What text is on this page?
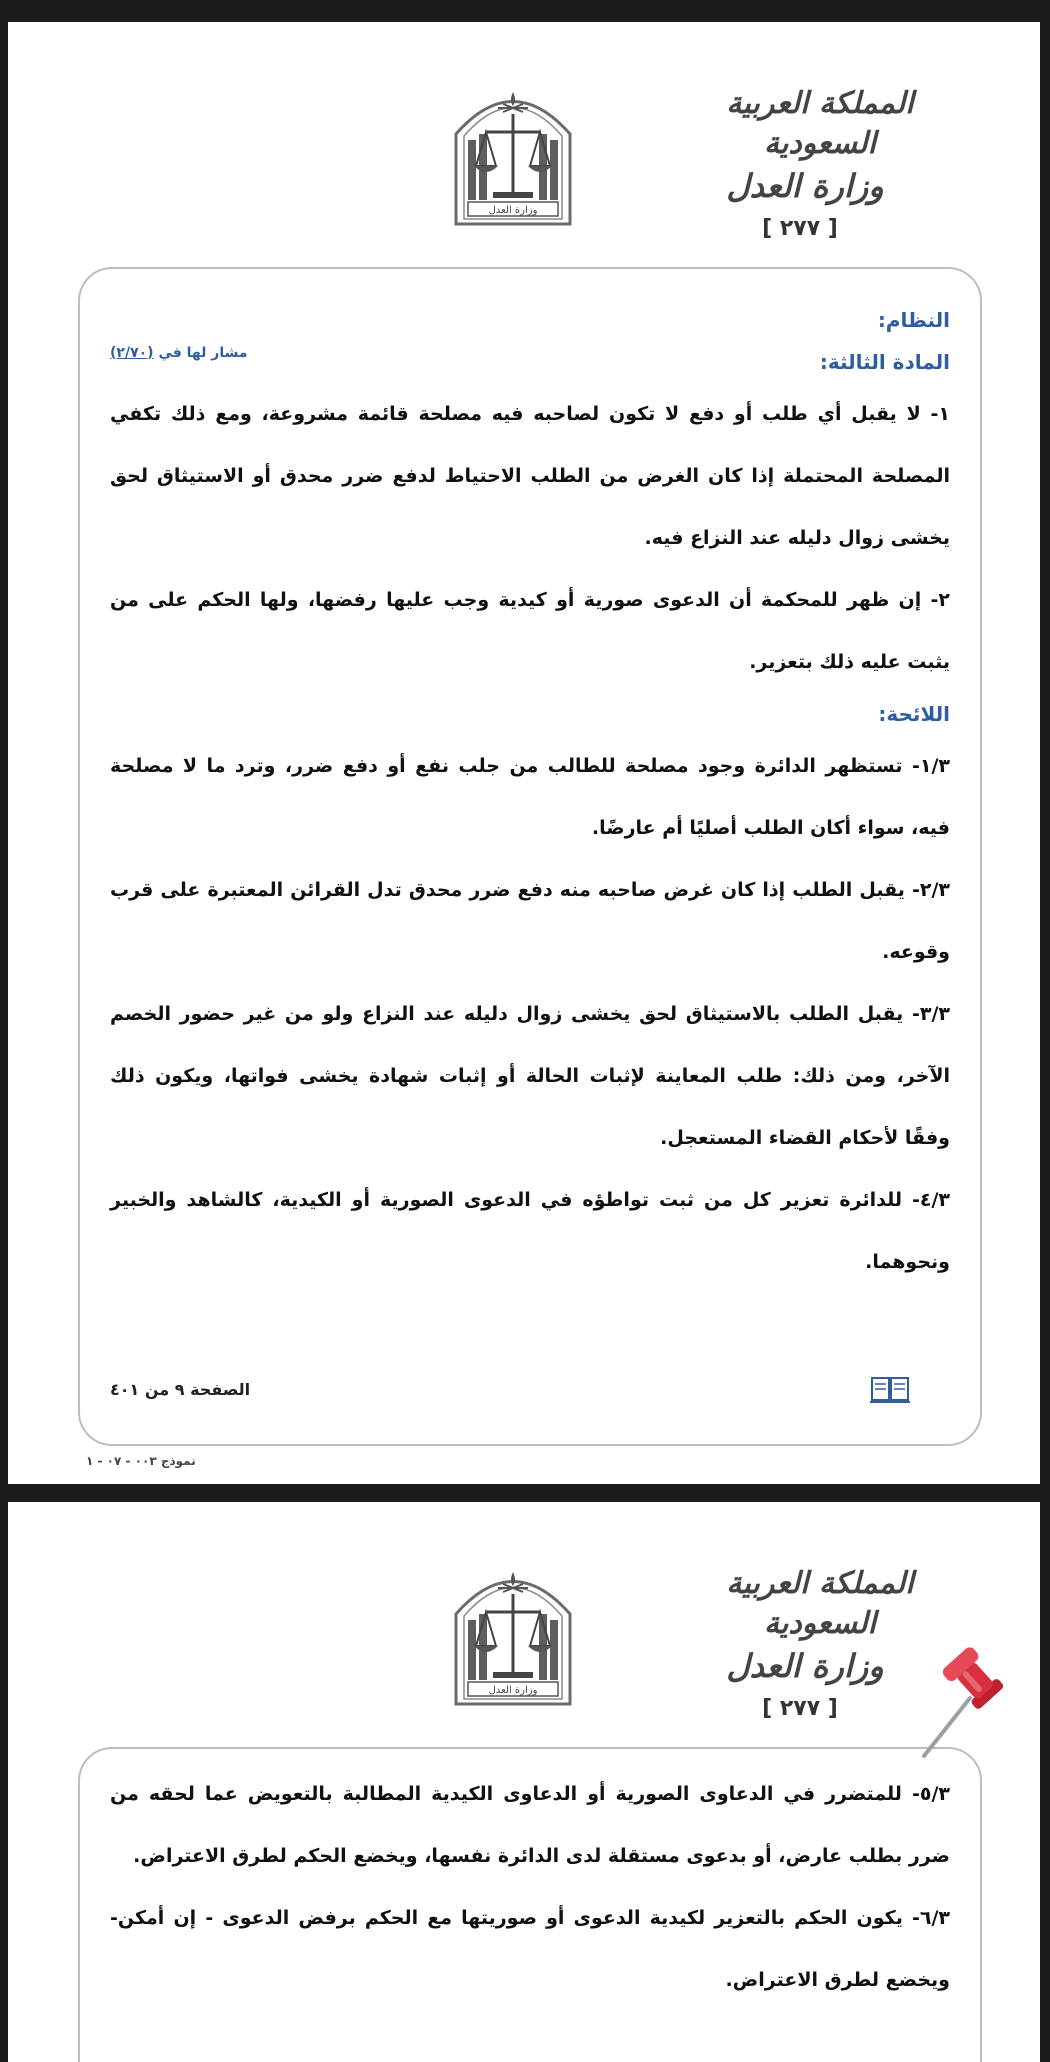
المملكة العربية السعودية
وزارة العدل
[ ٢٧٧ ]
وزارة العدل
النظام:
المادة الثالثة:
مشار لها في (٢/٧٠)

١- لا يقبل أي طلب أو دفع لا تكون لصاحبه فيه مصلحة قائمة مشروعة، ومع ذلك تكفي المصلحة المحتملة إذا كان الغرض من الطلب الاحتياط لدفع ضرر محدق أو الاستيثاق لحق يخشى زوال دليله عند النزاع فيه.

٢- إن ظهر للمحكمة أن الدعوى صورية أو كيدية وجب عليها رفضها، ولها الحكم على من يثبت عليه ذلك بتعزير.

اللائحة:

١/٣- تستظهر الدائرة وجود مصلحة للطالب من جلب نفع أو دفع ضرر، وترد ما لا مصلحة فيه، سواء أكان الطلب أصليًا أم عارضًا.

٢/٣- يقبل الطلب إذا كان غرض صاحبه منه دفع ضرر محدق تدل القرائن المعتبرة على قرب وقوعه.

٣/٣- يقبل الطلب بالاستيثاق لحق يخشى زوال دليله عند النزاع ولو من غير حضور الخصم الآخر، ومن ذلك: طلب المعاينة لإثبات الحالة أو إثبات شهادة يخشى فواتها، ويكون ذلك وفقًا لأحكام القضاء المستعجل.

٤/٣- للدائرة تعزير كل من ثبت تواطؤه في الدعوى الصورية أو الكيدية، كالشاهد والخبير ونحوهما.

الصفحة ٩ من ٤٠١
نموذج ٠٠٣ - ٠٧ - ١
المملكة العربية السعودية
وزارة العدل
[ ٢٧٧ ]
وزارة العدل

٥/٣- للمتضرر في الدعاوى الصورية أو الدعاوى الكيدية المطالبة بالتعويض عما لحقه من ضرر بطلب عارض، أو بدعوى مستقلة لدى الدائرة نفسها، ويخضع الحكم لطرق الاعتراض.

٦/٣- يكون الحكم بالتعزير لكيدية الدعوى أو صوريتها مع الحكم برفض الدعوى - إن أمكن- ويخضع لطرق الاعتراض.
